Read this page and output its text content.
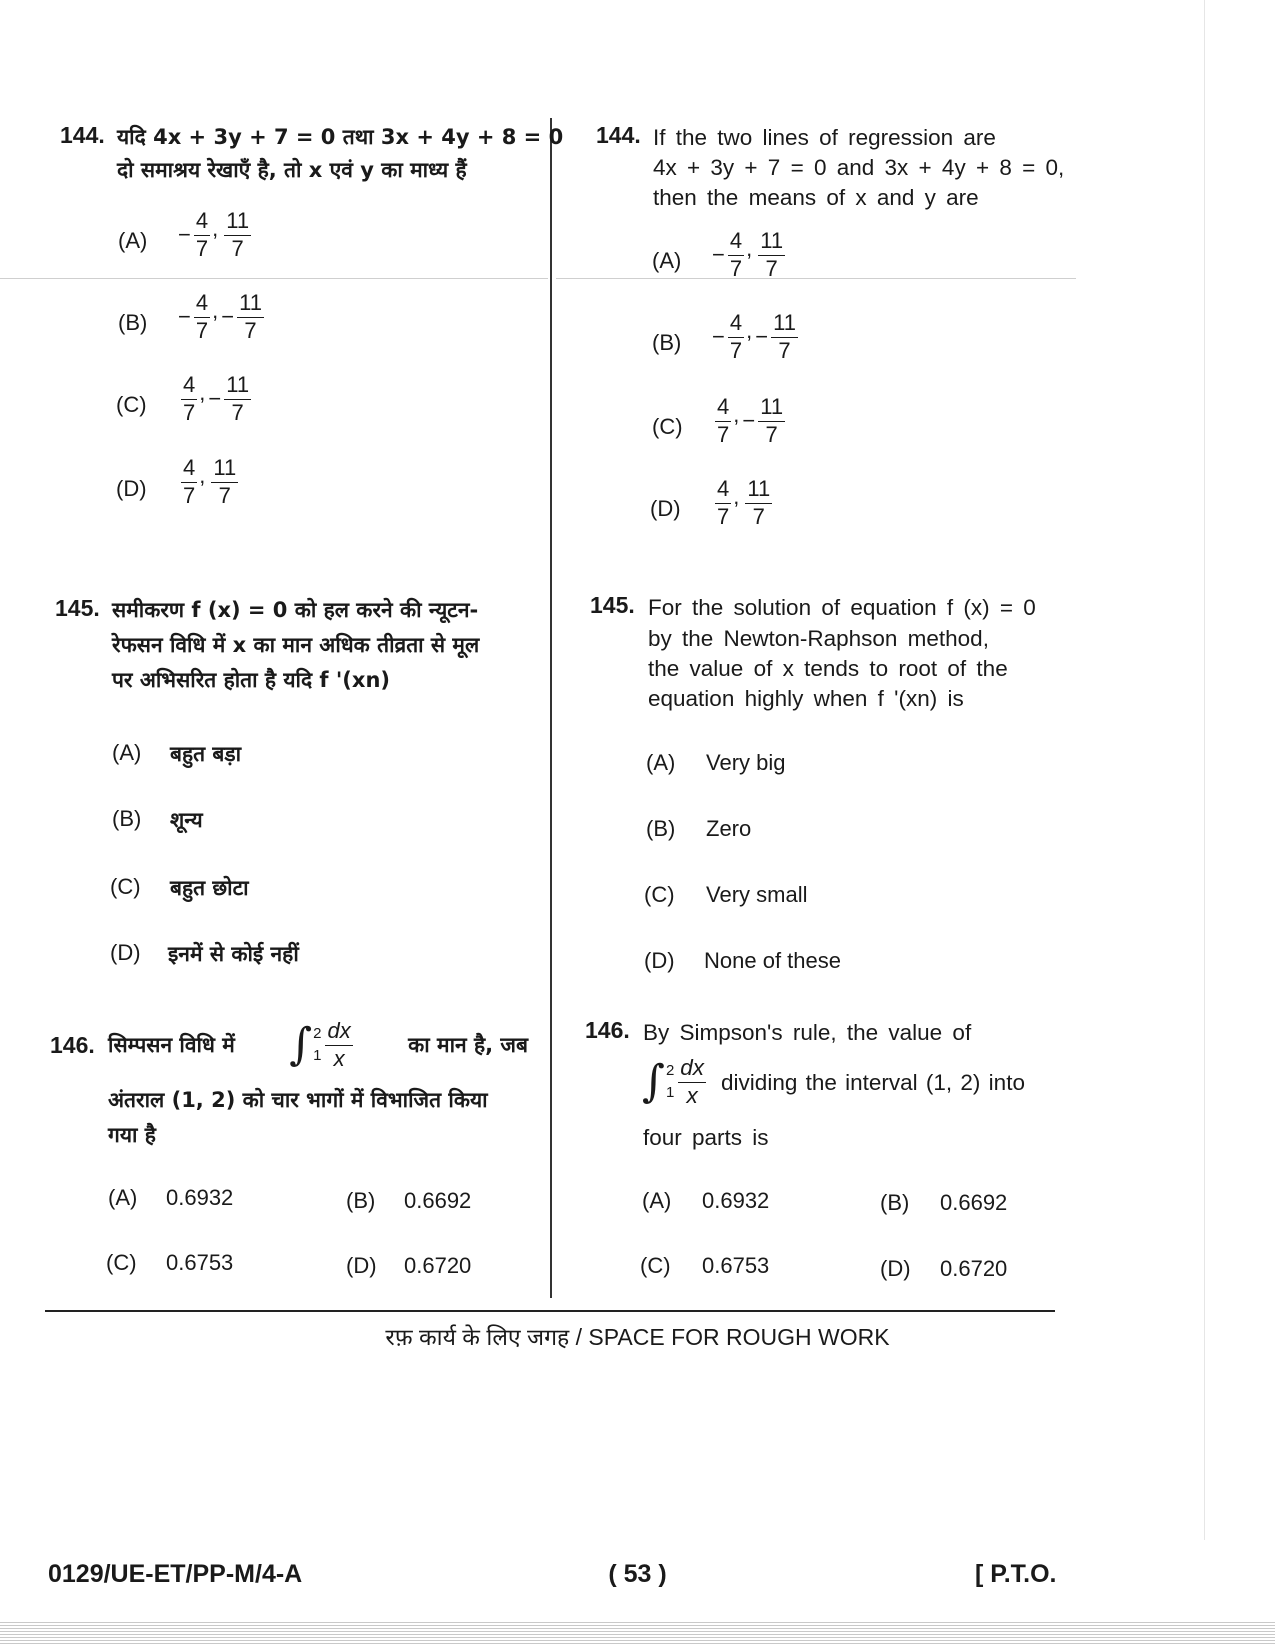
144. यदि 4x + 3y + 7 = 0 तथा 3x + 4y + 8 = 0
दो समाश्रय रेखाएँ है, तो x एवं y का माध्य हैं
$(A) - \frac{4}{7}$ , $\frac{11}{7}$
$(B) - \frac{4}{7}$ , − $\frac{11}{7}$
$(C) \frac{4}{7}$ , − $\frac{11}{7}$
$(D) \frac{4}{7}$ , $\frac{11}{7}$
145. समीकरण f (x) = 0 को हल करने की न्यूटन-
रेफसन विधि में x का मान अधिक तीव्रता से मूल
पर अभिसरित होता है यदि f '(xn)
(A) बहुत बड़ा
(B) शून्य
(C) बहुत छोटा
(D) इनमें से कोई नहीं
146. सिम्पसन विधि में ∫ 2
$1 \frac{dx}{x}$	का मान है, जब
अंतराल (1, 2) को चार भागों में विभाजित किया
गया है
(A) 0.6932	(B) 0.6692
(C) 0.6753	(D) 0.6720
144. If the two lines of regression are
4x + 3y + 7 = 0 and 3x + 4y + 8 = 0,
then the means of x and y are
$(A) - \frac{4}{7}$ , $\frac{11}{7}$
$(B) - \frac{4}{7}$ , − $\frac{11}{7}$
$(C) \frac{4}{7}$ , − $\frac{11}{7}$
$(D) \frac{4}{7}$ , $\frac{11}{7}$
145. For the solution of equation f (x) = 0
by the Newton-Raphson method,
the value of x tends to root of the
equation highly when f '(xn) is
(A) Very big
(B) Zero
(C) Very small
(D) None of these
146. By Simpson's rule, the value of
∫ 2
$1 \frac{dx}{x}$ dividing the interval (1, 2) into
four parts is
(A) 0.6932	(B) 0.6692
(C) 0.6753	(D) 0.6720
रफ़ कार्य के लिए जगह / SPACE FOR ROUGH WORK
0129/UE-ET/PP-M/4-A	( 53 )	[ P.T.O.
